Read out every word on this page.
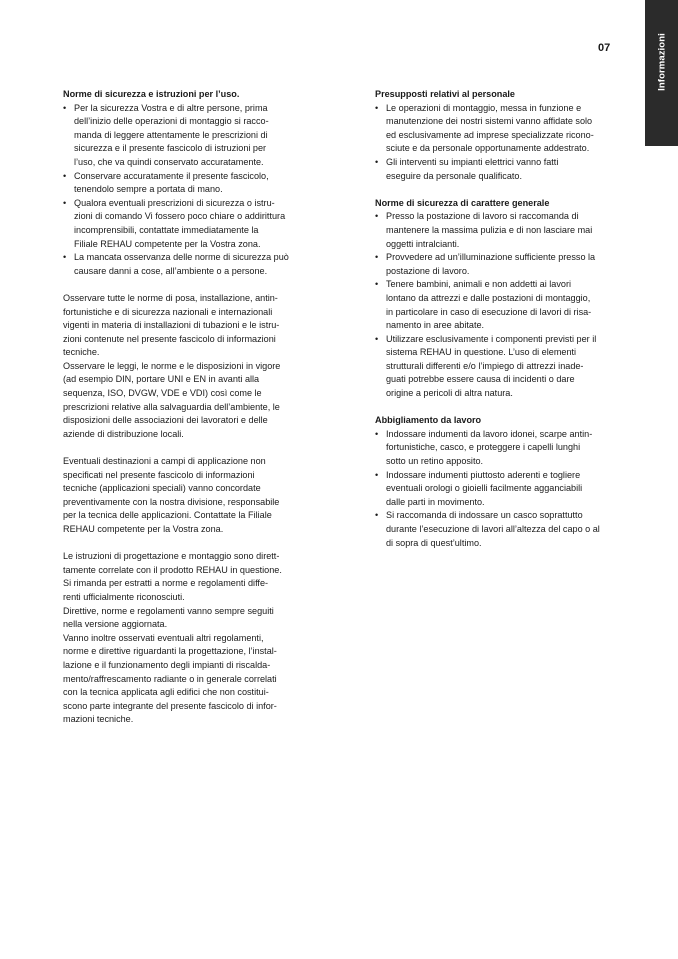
Informazioni
07

Norme di sicurezza e istruzioni per l’uso.

• Per la sicurezza Vostra e di altre persone, prima
dell’inizio delle operazioni di montaggio si racco-
manda di leggere attentamente le prescrizioni di
sicurezza e il presente fascicolo di istruzioni per
l’uso, che va quindi conservato accuratamente.
• Conservare accuratamente il presente fascicolo,
tenendolo sempre a portata di mano.
• Qualora eventuali prescrizioni di sicurezza o istru-
zioni di comando Vi fossero poco chiare o addirittura
incomprensibili, contattate immediatamente la
Filiale REHAU competente per la Vostra zona.
• La mancata osservanza delle norme di sicurezza può
causare danni a cose, all’ambiente o a persone.

Osservare tutte le norme di posa, installazione, antin-
fortunistiche e di sicurezza nazionali e internazionali
vigenti in materia di installazioni di tubazioni e le istru-
zioni contenute nel presente fascicolo di informazioni
tecniche.

Osservare le leggi, le norme e le disposizioni in vigore
(ad esempio DIN, portare UNI e EN in avanti alla
sequenza, ISO, DVGW, VDE e VDI) così come le
prescrizioni relative alla salvaguardia dell’ambiente, le
disposizioni delle associazioni dei lavoratori e delle
aziende di distribuzione locali.

Eventuali destinazioni a campi di applicazione non
specificati nel presente fascicolo di informazioni
tecniche (applicazioni speciali) vanno concordate
preventivamente con la nostra divisione, responsabile
per la tecnica delle applicazioni. Contattate la Filiale
REHAU competente per la Vostra zona.

Le istruzioni di progettazione e montaggio sono dirett-
tamente correlate con il prodotto REHAU in questione.
Si rimanda per estratti a norme e regolamenti diffe-
renti ufficialmente riconosciuti.

Direttive, norme e regolamenti vanno sempre seguiti
nella versione aggiornata.

Vanno inoltre osservati eventuali altri regolamenti,
norme e direttive riguardanti la progettazione, l’instal-
lazione e il funzionamento degli impianti di riscalda-
mento/raffrescamento radiante o in generale correlati
con la tecnica applicata agli edifici che non costitui-
scono parte integrante del presente fascicolo di infor-
mazioni tecniche.

Presupposti relativi al personale

• Le operazioni di montaggio, messa in funzione e
manutenzione dei nostri sistemi vanno affidate solo
ed esclusivamente ad imprese specializzate ricono-
sciute e da personale opportunamente addestrato.
• Gli interventi su impianti elettrici vanno fatti
eseguire da personale qualificato.

Norme di sicurezza di carattere generale

• Presso la postazione di lavoro si raccomanda di
mantenere la massima pulizia e di non lasciare mai
oggetti intralcianti.
• Provvedere ad un’illuminazione sufficiente presso la
postazione di lavoro.
• Tenere bambini, animali e non addetti ai lavori
lontano da attrezzi e dalle postazioni di montaggio,
in particolare in caso di esecuzione di lavori di risa-
namento in aree abitate.
• Utilizzare esclusivamente i componenti previsti per il
sistema REHAU in questione. L’uso di elementi
strutturali differenti e/o l’impiego di attrezzi inade-
guati potrebbe essere causa di incidenti o dare
origine a pericoli di altra natura.

Abbigliamento da lavoro

• Indossare indumenti da lavoro idonei, scarpe antin-
fortunistiche, casco, e proteggere i capelli lunghi
sotto un retino apposito.
• Indossare indumenti piuttosto aderenti e togliere
eventuali orologi o gioielli facilmente agganciabili
dalle parti in movimento.
• Si raccomanda di indossare un casco soprattutto
durante l’esecuzione di lavori all’altezza del capo o al
di sopra di quest’ultimo.
